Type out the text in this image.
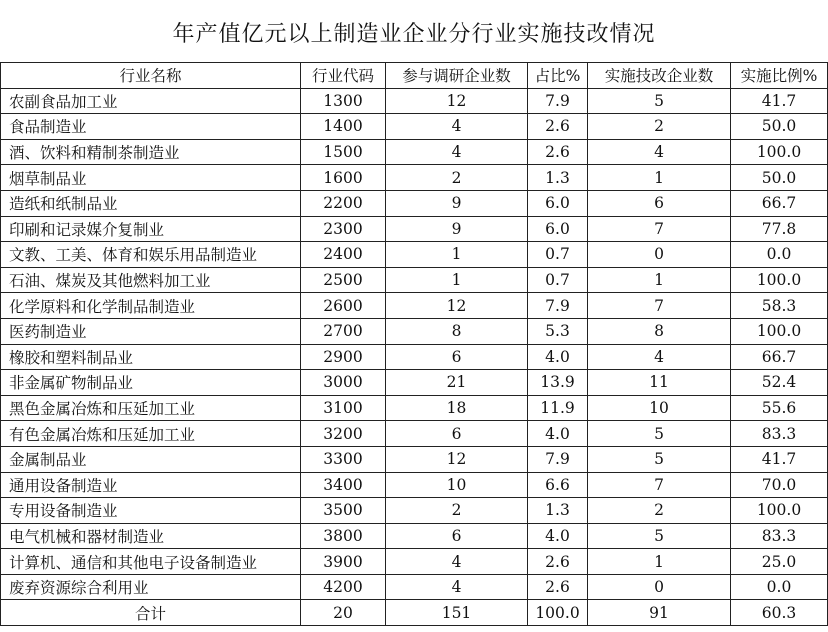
年产值亿元以上制造业企业分行业实施技改情况
行业名称	行业代码	参与调研企业数	占比%	实施技改企业数	实施比例%
农副食品加工业	1300	12	7.9	5	41.7
食品制造业	1400	4	2.6	2	50.0
酒、饮料和精制茶制造业	1500	4	2.6	4	100.0
烟草制品业	1600	2	1.3	1	50.0
造纸和纸制品业	2200	9	6.0	6	66.7
印刷和记录媒介复制业	2300	9	6.0	7	77.8
文教、工美、体育和娱乐用品制造业	2400	1	0.7	0	0.0
石油、煤炭及其他燃料加工业	2500	1	0.7	1	100.0
化学原料和化学制品制造业	2600	12	7.9	7	58.3
医药制造业	2700	8	5.3	8	100.0
橡胶和塑料制品业	2900	6	4.0	4	66.7
非金属矿物制品业	3000	21	13.9	11	52.4
黑色金属冶炼和压延加工业	3100	18	11.9	10	55.6
有色金属冶炼和压延加工业	3200	6	4.0	5	83.3
金属制品业	3300	12	7.9	5	41.7
通用设备制造业	3400	10	6.6	7	70.0
专用设备制造业	3500	2	1.3	2	100.0
电气机械和器材制造业	3800	6	4.0	5	83.3
计算机、通信和其他电子设备制造业	3900	4	2.6	1	25.0
废弃资源综合利用业	4200	4	2.6	0	0.0
合计	20	151	100.0	91	60.3
